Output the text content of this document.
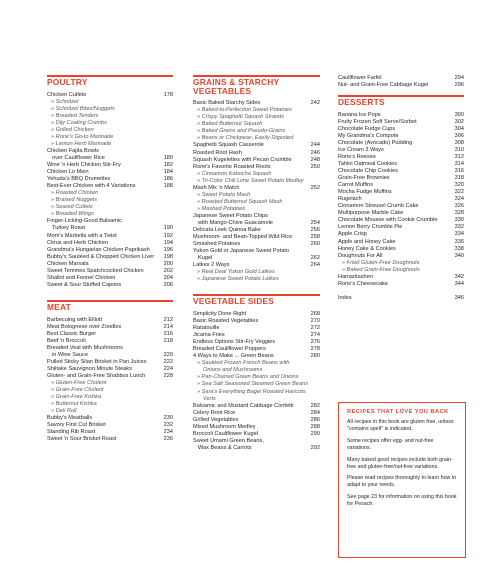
POULTRY
Chicken Cutlets	178
» Schnitzel
» Schnitzel Bites/Nuggets
» Breaded Tenders
» Dijy Coating Crumbs
» Grilled Chicken
» Rorie's Go-to Marinade
» Lemon Herb Marinade
Chicken Fajita Bowls
over Cauliflower Rice	180
Wine 'n Herb Chicken Stir-Fry	182
Chicken Lo Mein	184
Yehuda's BBQ Drumettes	186
Best-Ever Chicken with 4 Variations	188
» Roasted Chicken
» Braised Nuggets
» Seared Cutlets
» Breaded Wings
Finger-Licking-Good Balsamic
Turkey Roast	190
Mom's Marbella with a Twist	192
Citrus and Herb Chicken	194
Grandma's Hungarian Chicken Paprikash	196
Bubby's Sautéed & Chopped Chicken Liver	198
Chicken Marsala	200
Sweet Temmes Spatchcocked Chicken	202
Shallot and Fennel Chicken	204
Sweet & Sour Stuffed Capons	206
MEAT
Barbecuing with Elliott	212
Meat Bolognese over Zoodles	214
Best Classic Burger	216
Beef 'n Broccoli	218
Breaded Veal with Mushrooms
in Wine Sauce	220
Pulled Sticky Silan Brisket in Pan Juices	222
Shiitake Sauvignon Minute Steaks	224
Gluten- and Grain-Free Shabbos Lunch	228
» Gluten-Free Cholent
» Grain-Free Cholent
» Grain-Free Kishka
» Butternut Kishka
» Deli Roll
Bubby's Meatballs	230
Savory First Cut Brisket	232
Standing Rib Roast	234
Sweet 'n Sour Brisket Roast	236
GRAINS & STARCHY
VEGETABLES
Basic Baked Starchy Sides	242
» Baked-to-Perfection Sweet Potatoes
» Crispy Spaghetti Squash Strands
» Baked Butternut Squash
» Baked Grains and Pseudo-Grains
» Beans or Chickpeas, Easily Digested
Spaghetti Squash Casserole	244
Roasted Root Hash	246
Squash Kugelettes with Pecan Crumble	248
Rorie's Favorite Roasted Roots	250
» Cinnamon Kabocha Squash
» Tri-Color Chili Lime Sweet Potato Medley
Mash Mix 'n Match	252
» Sweet Potato Mash
» Roasted Butternut Squash Mash
» Mashed Potatoes
Japanese Sweet Potato Chips
with Mango-Chive Guacamole	254
Delicata Leek Quinoa Bake	256
Mushroom- and Bean-Topped Wild Rice	258
Smashed Potatoes	260
Yukon Gold or Japanese Sweet Potato
Kugel	262
Latkes 2 Ways	264
» Real Deal Yukon Gold Latkes
» Japanese Sweet Potato Latkes
VEGETABLE SIDES
Simplicity Done Right	268
Basic Roasted Vegetables	270
Ratatouille	272
Jicama Fries	274
Endless Options Stir-Fry Veggies	276
Breaded Cauliflower Poppers	278
4 Ways to Make ... Green Beans	280
» Sautéed Frozen French Beans with
Onions and Mushrooms
» Pan-Charred Green Beans and Onions
» Sea Salt Seasoned Steamed Green Beans
» Sara's Everything Bagel Roasted Haricots
Verts
Balsamic and Mustard Cabbage Confetti	282
Celery Root Rice	284
Grilled Vegetables	286
Mixed Mushroom Medley	288
Broccoli Cauliflower Kugel	290
Sweet Umami Green Beans,
Wax Beans & Carrots	292
Cauliflower Farfel	294
Nut- and Grain-Free Cabbage Kugel	296
DESSERTS
Banana Ice Pops	300
Fruity Frozen Soft Serve/Sorbet	302
Chocolate Fudge Cups	304
My Grandma's Compote	306
Chocolate (Avocado) Pudding	308
Ice Cream 3 Ways	310
Rorie's Reeses	312
Tahini Oatmeal Cookies	314
Chocolate Chip Cookies	316
Grain-Free Brownies	318
Carrot Muffins	320
Mocha Fudge Muffins	322
Rugelach	324
Cinnamon Streusel Crumb Cake	326
Multipurpose Marble Cake	328
Chocolate Mousse with Cookie Crumble	330
Lemon Berry Crumble Pie	332
Apple Crisp	334
Apple and Honey Cake	336
Honey Cake & Cookies	338
Doughnuts For All	340
» Fried Gluten-Free Doughnuts
» Baked Grain-Free Doughnuts
Hamantashen	342
Rorie's Cheesecake	344
Index	346
RECIPES THAT LOVE YOU BACK

All recipes in this book are gluten free, unless "contains spelt" is indicated.

Some recipes offer egg- and nut-free variations.

Many baked good recipes include both grain-free and gluten-free/nut-free variations.

Please read recipes thoroughly to learn how to adapt to your needs.

See page 23 for information on using this book for Pesach.
